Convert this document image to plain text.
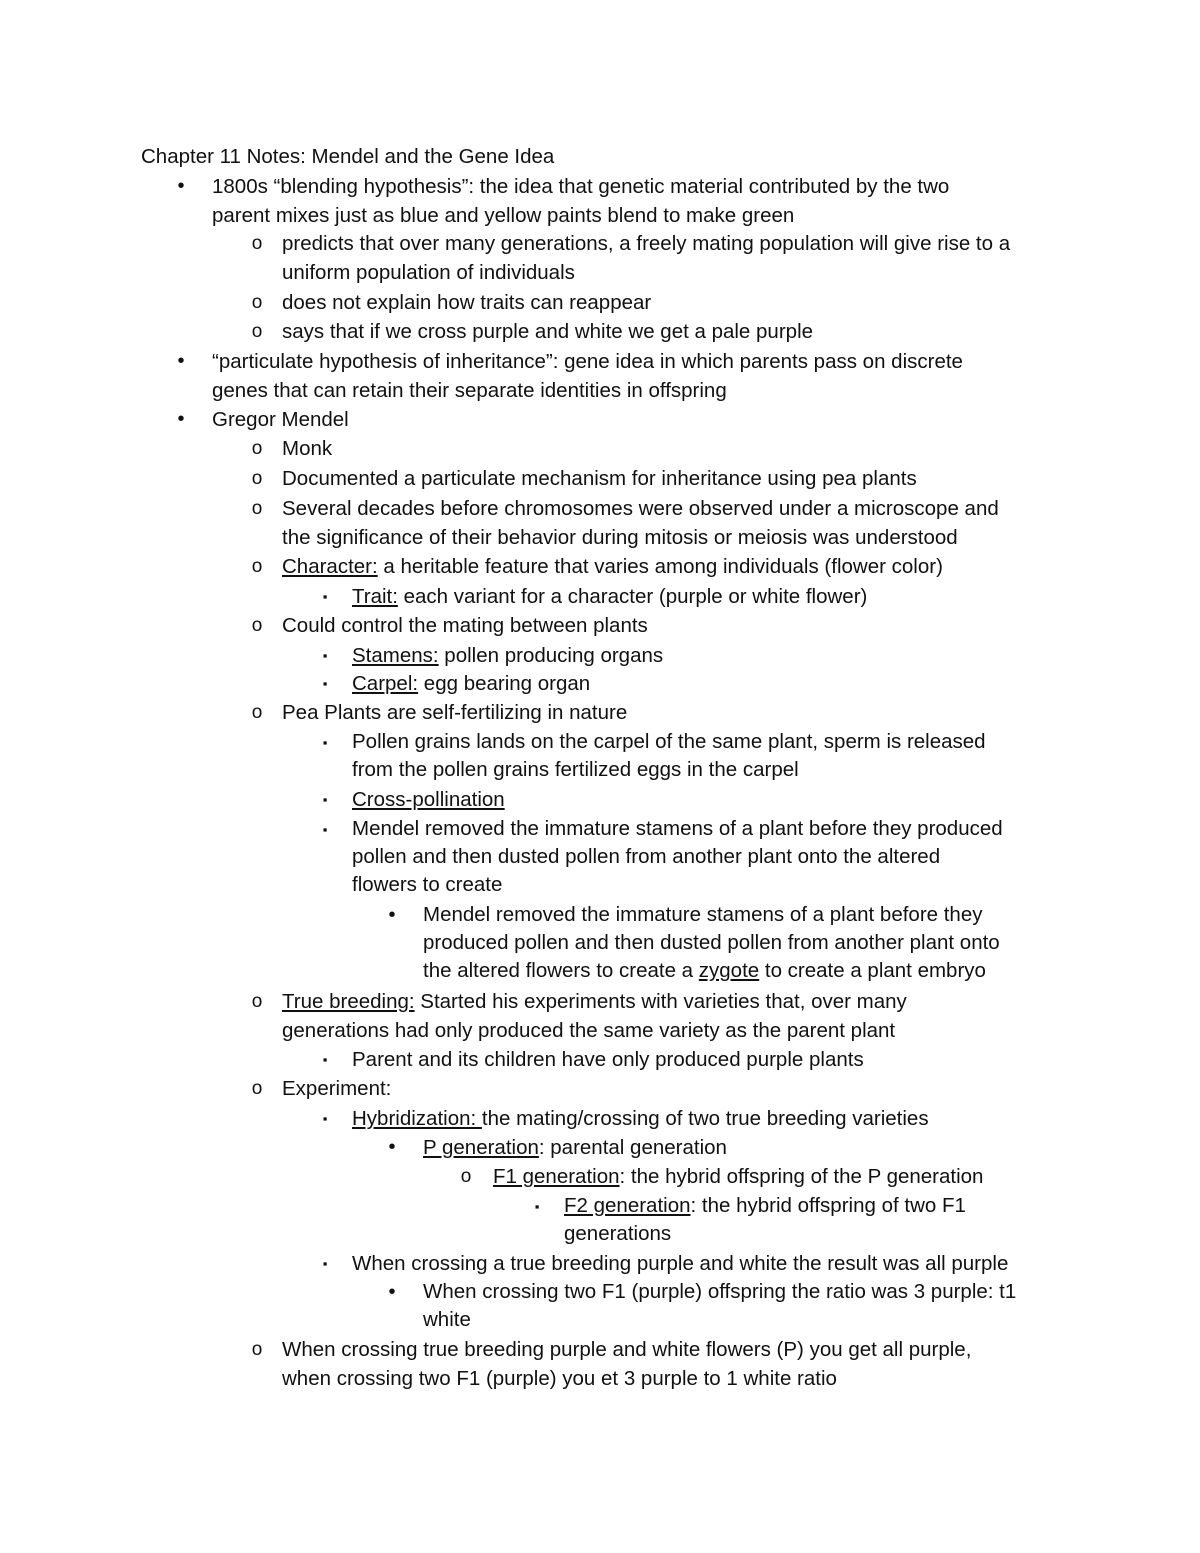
Chapter 11 Notes: Mendel and the Gene Idea
• 1800s “blending hypothesis”: the idea that genetic material contributed by the two
parent mixes just as blue and yellow paints blend to make green
o predicts that over many generations, a freely mating population will give rise to a
uniform population of individuals
o does not explain how traits can reappear
o says that if we cross purple and white we get a pale purple
• “particulate hypothesis of inheritance”: gene idea in which parents pass on discrete
genes that can retain their separate identities in offspring
• Gregor Mendel
o Monk
o Documented a particulate mechanism for inheritance using pea plants
o Several decades before chromosomes were observed under a microscope and
the significance of their behavior during mitosis or meiosis was understood
o Character: a heritable feature that varies among individuals (flower color)
▪ Trait: each variant for a character (purple or white flower)
o Could control the mating between plants
▪ Stamens: pollen producing organs
▪ Carpel: egg bearing organ
o Pea Plants are self-fertilizing in nature
▪ Pollen grains lands on the carpel of the same plant, sperm is released
from the pollen grains fertilized eggs in the carpel
▪ Cross-pollination
▪ Mendel removed the immature stamens of a plant before they produced
pollen and then dusted pollen from another plant onto the altered
flowers to create
• Mendel removed the immature stamens of a plant before they
produced pollen and then dusted pollen from another plant onto
the altered flowers to create a zygote to create a plant embryo
o True breeding: Started his experiments with varieties that, over many
generations had only produced the same variety as the parent plant
▪ Parent and its children have only produced purple plants
o Experiment:
▪ Hybridization: the mating/crossing of two true breeding varieties
• P generation: parental generation
o F1 generation: the hybrid offspring of the P generation
▪ F2 generation: the hybrid offspring of two F1
generations
▪ When crossing a true breeding purple and white the result was all purple
• When crossing two F1 (purple) offspring the ratio was 3 purple: t1
white
o When crossing true breeding purple and white flowers (P) you get all purple,
when crossing two F1 (purple) you et 3 purple to 1 white ratio
